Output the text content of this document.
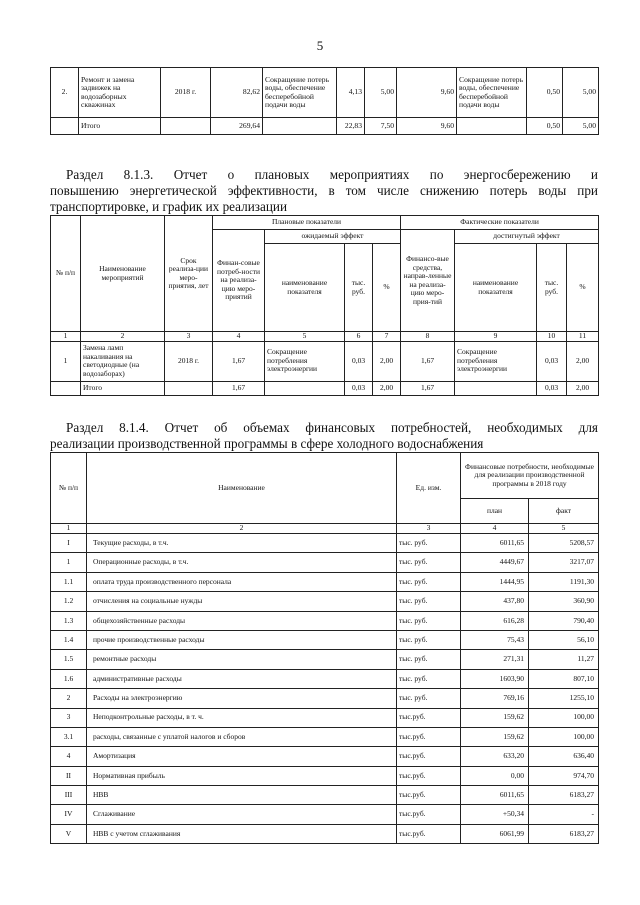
5
2.	Ремонт и замена задвижек на водозаборных скважинах	2018 г.	82,62	Сокращение потерь воды, обеспечение бесперебойной подачи воды	4,13	5,00	9,60	Сокращение потерь воды, обеспечение бесперебойной подачи воды	0,50	5,00
	Итого		269,64		22,83	7,50	9,60		0,50	5,00
Раздел 8.1.3. Отчет о плановых мероприятиях по энергосбережению и
повышению энергетической эффективности, в том числе снижению потерь воды при
транспортировке, и график их реализации
№ п/п	Наименование мероприятий	Срок реализа-ции меро-приятия, лет	Плановые показатели				Фактические показатели			
			Финан-совые потреб-ности на реализа-цию меро-приятий	ожидаемый эффект			Финансо-вые средства, направ-ленные на реализа-цию меро-прия-тий	достигнутый эффект		
				наименование показателя	тыс. руб.	%		наименование показателя	тыс. руб.	%
1	2	3	4	5	6	7	8	9	10	11
1	Замена ламп накаливания на светодиодные (на водозаборах)	2018 г.	1,67	Сокращение потребления электроэнергии	0,03	2,00	1,67	Сокращение потребления электроэнергии	0,03	2,00
	Итого		1,67		0,03	2,00	1,67		0,03	2,00
Раздел 8.1.4. Отчет об объемах финансовых потребностей, необходимых для
реализации производственной программы в сфере холодного водоснабжения
№ п/п	Наименование	Ед. изм.	Финансовые потребности, необходимые для реализации производственной программы в 2018 году	
			план	факт
1	2	3	4	5
I	Текущие расходы, в т.ч.	тыс. руб.	6011,65	5208,57
1	Операционные расходы, в т.ч.	тыс. руб.	4449,67	3217,07
1.1	оплата труда производственного персонала	тыс. руб.	1444,95	1191,30
1.2	отчисления на социальные нужды	тыс. руб.	437,80	360,90
1.3	общехозяйственные расходы	тыс. руб.	616,28	790,40
1.4	прочие производственные расходы	тыс. руб.	75,43	56,10
1.5	ремонтные расходы	тыс. руб.	271,31	11,27
1.6	административные расходы	тыс. руб.	1603,90	807,10
2	Расходы на электроэнергию	тыс. руб.	769,16	1255,10
3	Неподконтрольные расходы, в т. ч.	тыс.руб.	159,62	100,00
3.1	расходы, связанные с уплатой налогов и сборов	тыс.руб.	159,62	100,00
4	Амортизация	тыс.руб.	633,20	636,40
II	Нормативная прибыль	тыс.руб.	0,00	974,70
III	НВВ	тыс.руб.	6011,65	6183,27
IV	Сглаживание	тыс.руб.	+50,34	-
V	НВВ с учетом сглаживания	тыс.руб.	6061,99	6183,27
